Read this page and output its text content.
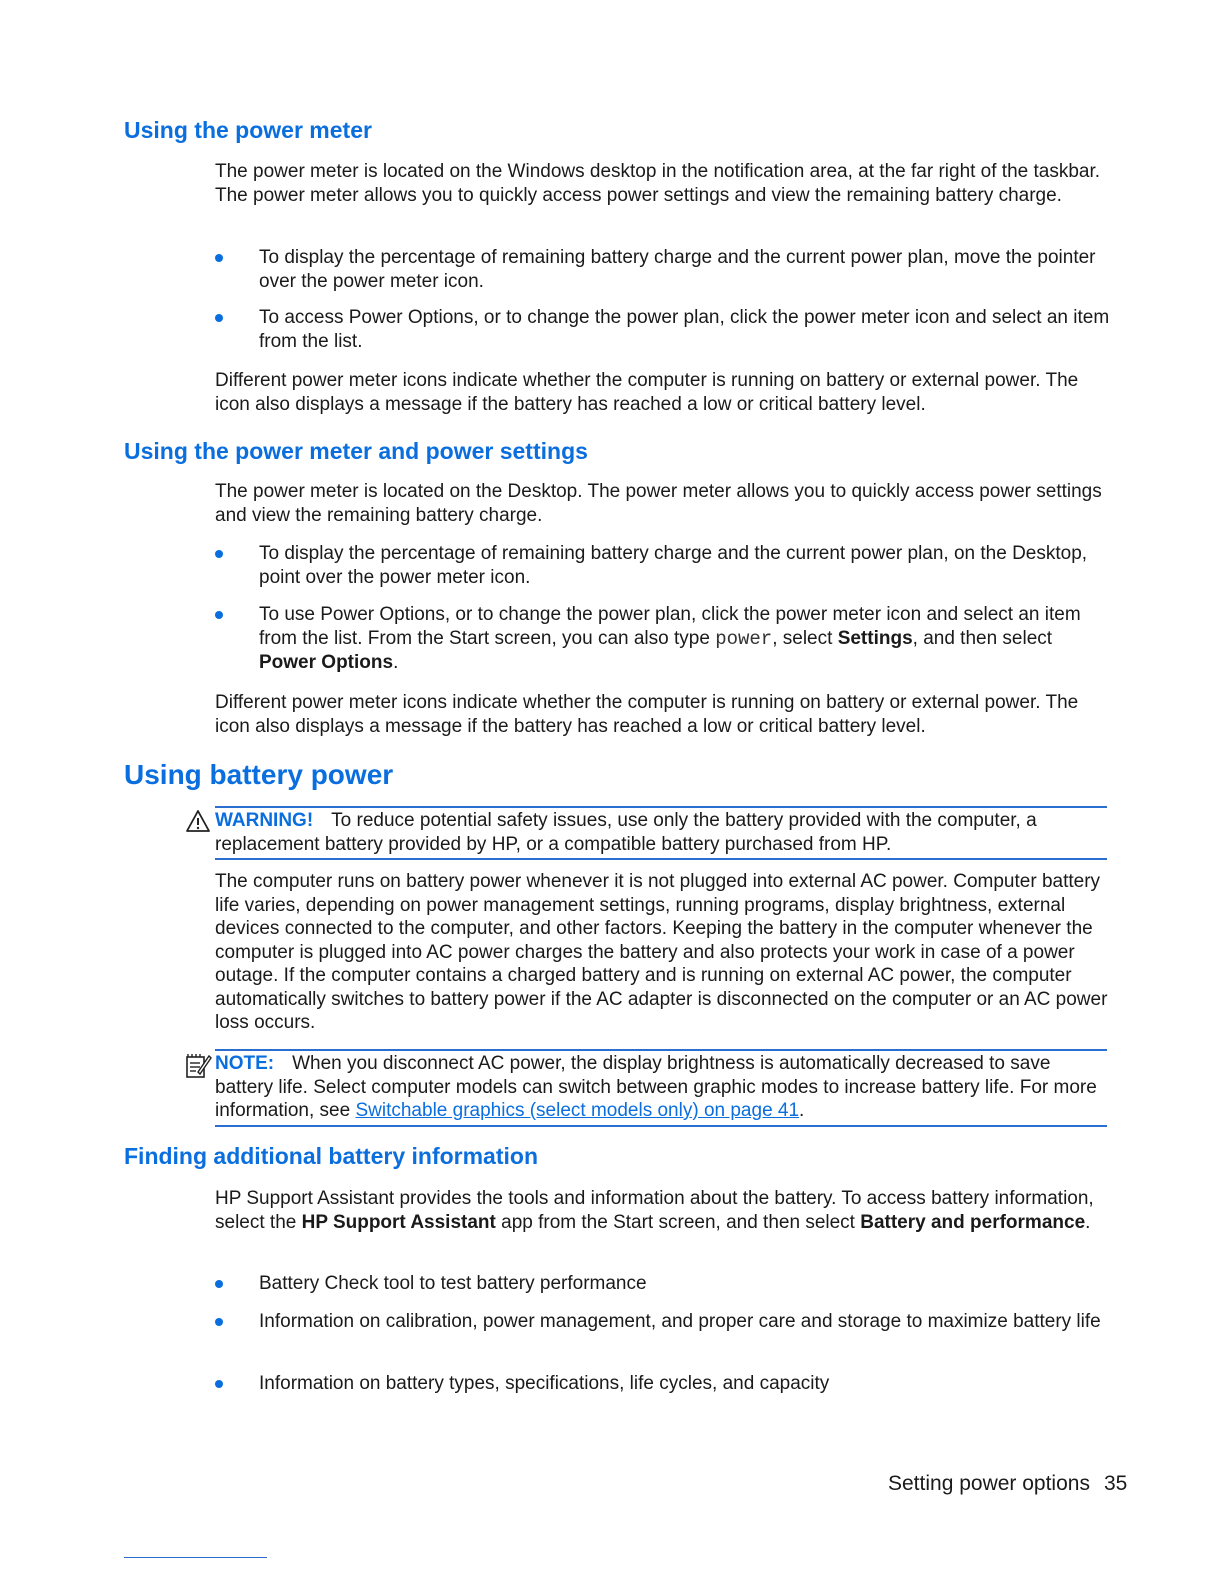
Using the power meter

The power meter is located on the Windows desktop in the notification area, at the far right of the taskbar. The power meter allows you to quickly access power settings and view the remaining battery charge.

To display the percentage of remaining battery charge and the current power plan, move the pointer over the power meter icon.
To access Power Options, or to change the power plan, click the power meter icon and select an item from the list.

Different power meter icons indicate whether the computer is running on battery or external power. The icon also displays a message if the battery has reached a low or critical battery level.

Using the power meter and power settings

The power meter is located on the Desktop. The power meter allows you to quickly access power settings and view the remaining battery charge.

To display the percentage of remaining battery charge and the current power plan, on the Desktop, point over the power meter icon.
To use Power Options, or to change the power plan, click the power meter icon and select an item from the list. From the Start screen, you can also type power, select Settings, and then select Power Options.

Different power meter icons indicate whether the computer is running on battery or external power. The icon also displays a message if the battery has reached a low or critical battery level.

Using battery power
WARNING! To reduce potential safety issues, use only the battery provided with the computer, a replacement battery provided by HP, or a compatible battery purchased from HP.

The computer runs on battery power whenever it is not plugged into external AC power. Computer battery life varies, depending on power management settings, running programs, display brightness, external devices connected to the computer, and other factors. Keeping the battery in the computer whenever the computer is plugged into AC power charges the battery and also protects your work in case of a power outage. If the computer contains a charged battery and is running on external AC power, the computer automatically switches to battery power if the AC adapter is disconnected on the computer or an AC power loss occurs.

NOTE: When you disconnect AC power, the display brightness is automatically decreased to save battery life. Select computer models can switch between graphic modes to increase battery life. For more information, see Switchable graphics (select models only) on page 41.
Finding additional battery information

HP Support Assistant provides the tools and information about the battery. To access battery information, select the HP Support Assistant app from the Start screen, and then select Battery and performance.

Battery Check tool to test battery performance
Information on calibration, power management, and proper care and storage to maximize battery life
Information on battery types, specifications, life cycles, and capacity
Setting power options 35
